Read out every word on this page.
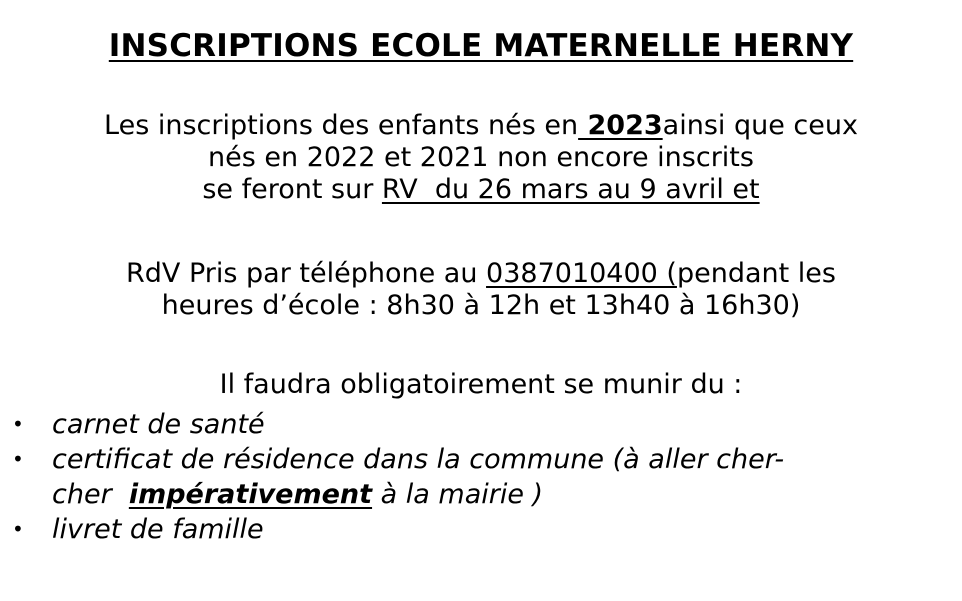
INSCRIPTIONS ECOLE MATERNELLE HERNY
Les inscriptions des enfants nés en 2023ainsi que ceux
nés en 2022 et 2021 non encore inscrits
se feront sur RV  du 26 mars au 9 avril et
RdV Pris par téléphone au 0387010400 (pendant les
heures d’école : 8h30 à 12h et 13h40 à 16h30)
Il faudra obligatoirement se munir du :
• carnet de santé
• certificat de résidence dans la commune (à aller cher-
cher  impérativement à la mairie )
• livret de famille
